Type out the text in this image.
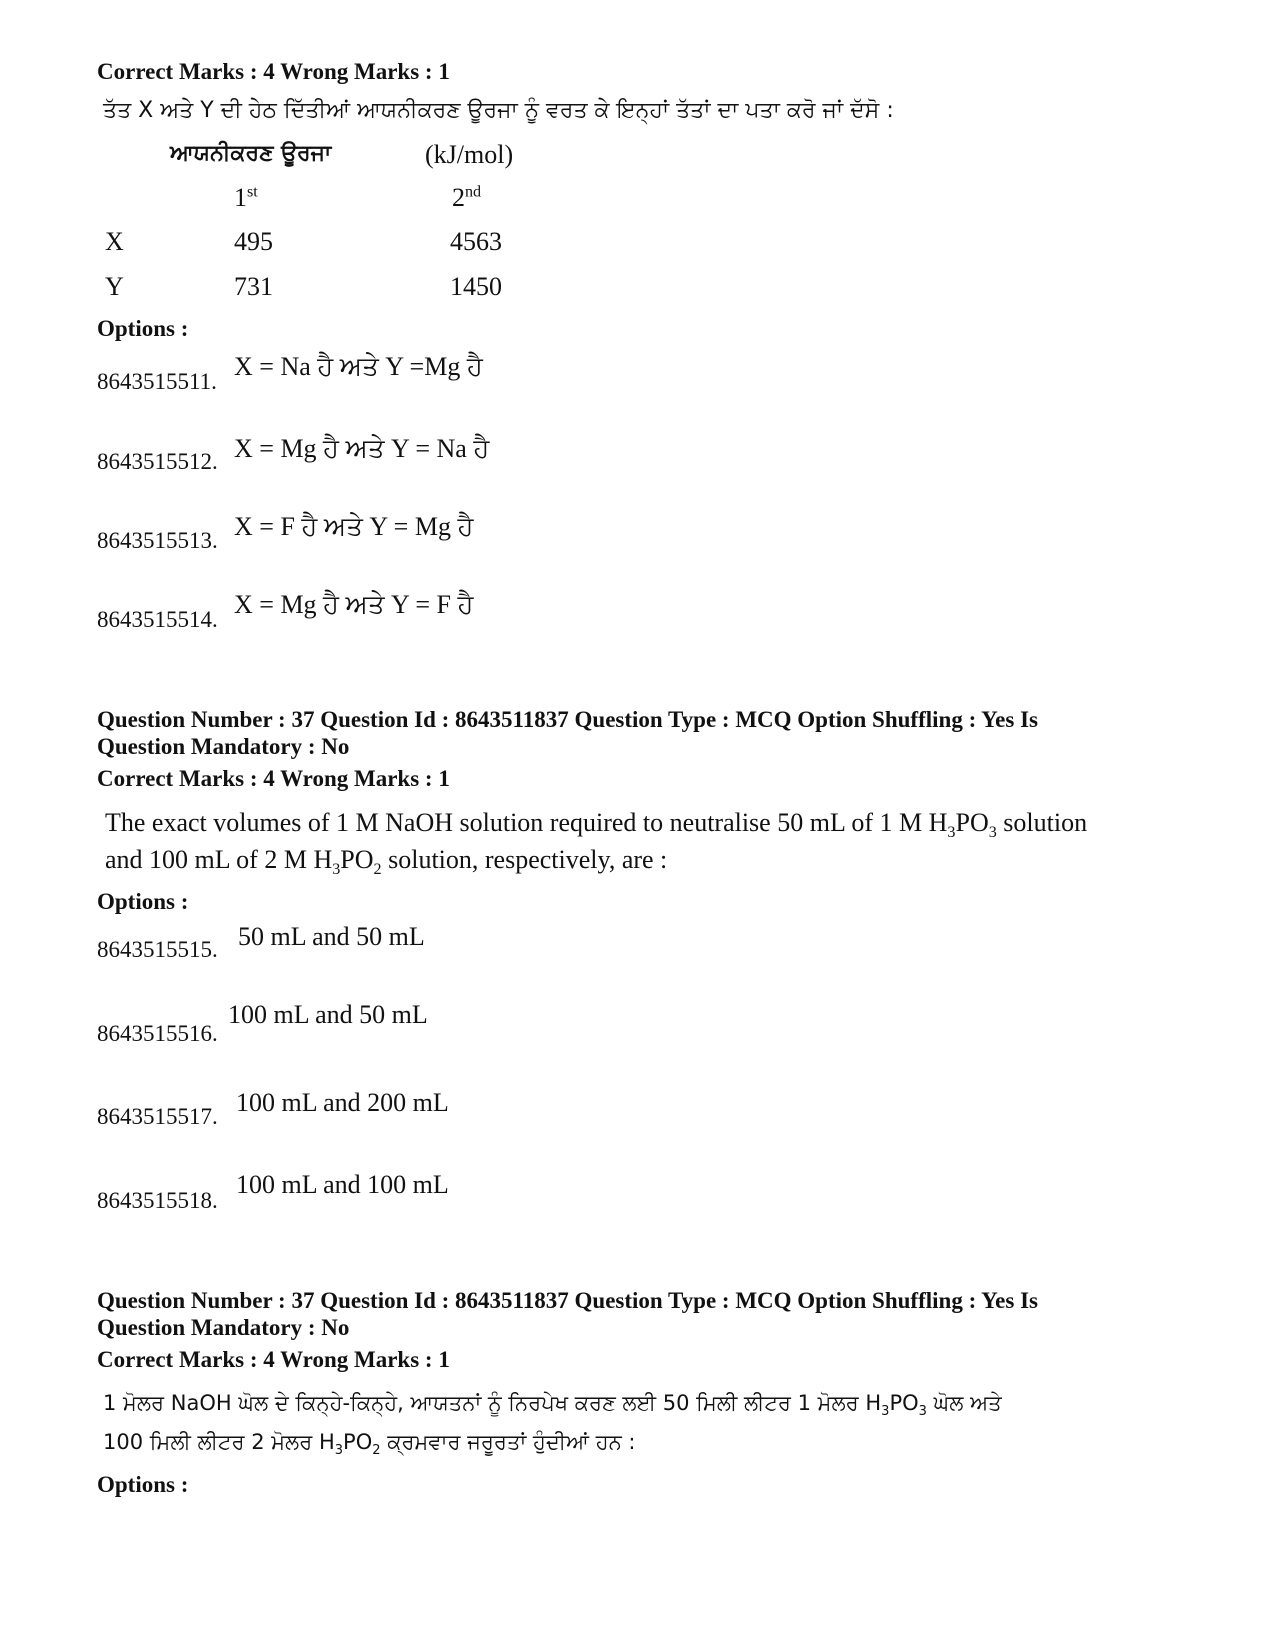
Correct Marks : 4 Wrong Marks : 1
ਤੱਤ X ਅਤੇ Y ਦੀ ਹੇਠ ਦਿੱਤੀਆਂ ਆਯਨੀਕਰਣ ਊਰਜਾ ਨੂੰ ਵਰਤ ਕੇ ਇਨ੍ਹਾਂ ਤੱਤਾਂ ਦਾ ਪਤਾ ਕਰੋ ਜਾਂ ਦੱਸੋ :
ਆਯਨੀਕਰਣ ਊਰਜਾ	(kJ/mol)
1st	2nd
X	495	4563
Y	731	1450
Options :
8643515511.
X = Na ਹੈ ਅਤੇ Y =Mg ਹੈ
8643515512. X = Mg ਹੈ ਅਤੇ Y = Na ਹੈ
8643515513. X = F ਹੈ ਅਤੇ Y = Mg ਹੈ
8643515514.
X = Mg ਹੈ ਅਤੇ Y = F ਹੈ
Question Number : 37 Question Id : 8643511837 Question Type : MCQ Option Shuffling : Yes Is
Question Mandatory : No
Correct Marks : 4 Wrong Marks : 1
The exact volumes of 1 M NaOH solution required to neutralise 50 mL of 1 M $H_3PO_3$ solution
and 100 mL of 2 M $H_3PO_2$ solution, respectively, are :
Options :
8643515515. 50 mL and 50 mL
8643515516.
100 mL and 50 mL
8643515517. 100 mL and 200 mL
8643515518.
100 mL and 100 mL
Question Number : 37 Question Id : 8643511837 Question Type : MCQ Option Shuffling : Yes Is
Question Mandatory : No
Correct Marks : 4 Wrong Marks : 1
1 ਮੋਲਰ NaOH ਘੋਲ ਦੇ ਕਿਨ੍ਹੇ-ਕਿਨ੍ਹੇ, ਆਯਤਨਾਂ ਨੂੰ ਨਿਰਪੇਖ ਕਰਣ ਲਈ 50 ਮਿਲੀ ਲੀਟਰ 1 ਮੋਲਰ $H_3PO_3$ ਘੋਲ ਅਤੇ
100 ਮਿਲੀ ਲੀਟਰ 2 ਮੋਲਰ $H_3PO_2$ ਕ੍ਰਮਵਾਰ ਜਰੂਰਤਾਂ ਹੁੰਦੀਆਂ ਹਨ :
Options :
